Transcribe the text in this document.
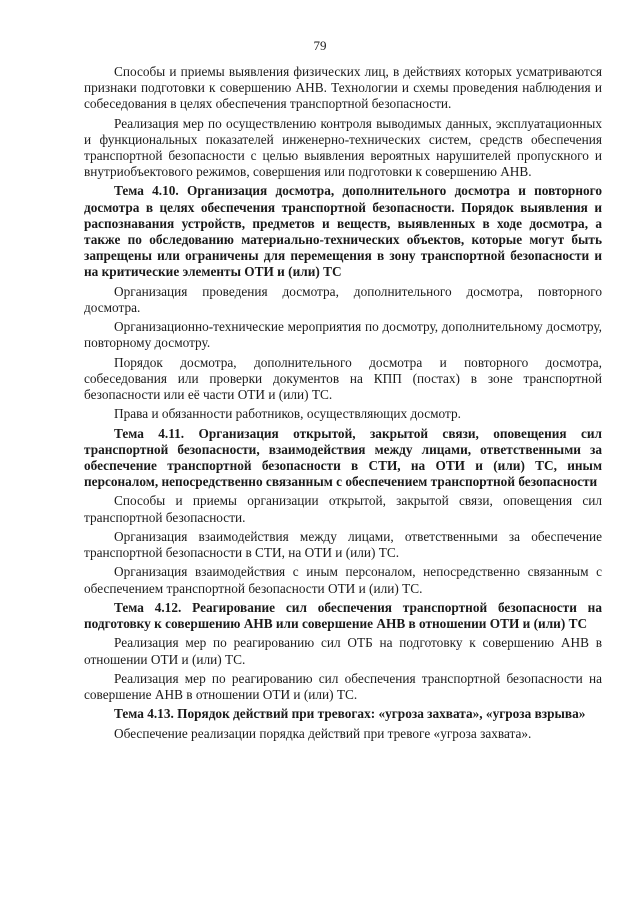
79

Способы и приемы выявления физических лиц, в действиях которых усматриваются признаки подготовки к совершению АНВ. Технологии и схемы проведения наблюдения и собеседования в целях обеспечения транспортной безопасности.

Реализация мер по осуществлению контроля выводимых данных, эксплуатационных и функциональных показателей инженерно-технических систем, средств обеспечения транспортной безопасности с целью выявления вероятных нарушителей пропускного и внутриобъектового режимов, совершения или подготовки к совершению АНВ.

Тема 4.10. Организация досмотра, дополнительного досмотра и повторного досмотра в целях обеспечения транспортной безопасности. Порядок выявления и распознавания устройств, предметов и веществ, выявленных в ходе досмотра, а также по обследованию материально-технических объектов, которые могут быть запрещены или ограничены для перемещения в зону транспортной безопасности и на критические элементы ОТИ и (или) ТС

Организация проведения досмотра, дополнительного досмотра, повторного досмотра.

Организационно-технические мероприятия по досмотру, дополнительному досмотру, повторному досмотру.

Порядок досмотра, дополнительного досмотра и повторного досмотра, собеседования или проверки документов на КПП (постах) в зоне транспортной безопасности или её части ОТИ и (или) ТС.

Права и обязанности работников, осуществляющих досмотр.

Тема 4.11. Организация открытой, закрытой связи, оповещения сил транспортной безопасности, взаимодействия между лицами, ответственными за обеспечение транспортной безопасности в СТИ, на ОТИ и (или) ТС, иным персоналом, непосредственно связанным с обеспечением транспортной безопасности

Способы и приемы организации открытой, закрытой связи, оповещения сил транспортной безопасности.

Организация взаимодействия между лицами, ответственными за обеспечение транспортной безопасности в СТИ, на ОТИ и (или) ТС.

Организация взаимодействия с иным персоналом, непосредственно связанным с обеспечением транспортной безопасности ОТИ и (или) ТС.

Тема 4.12. Реагирование сил обеспечения транспортной безопасности на подготовку к совершению АНВ или совершение АНВ в отношении ОТИ и (или) ТС

Реализация мер по реагированию сил ОТБ на подготовку к совершению АНВ в отношении ОТИ и (или) ТС.

Реализация мер по реагированию сил обеспечения транспортной безопасности на совершение АНВ в отношении ОТИ и (или) ТС.

Тема 4.13. Порядок действий при тревогах: «угроза захвата», «угроза взрыва»

Обеспечение реализации порядка действий при тревоге «угроза захвата».
